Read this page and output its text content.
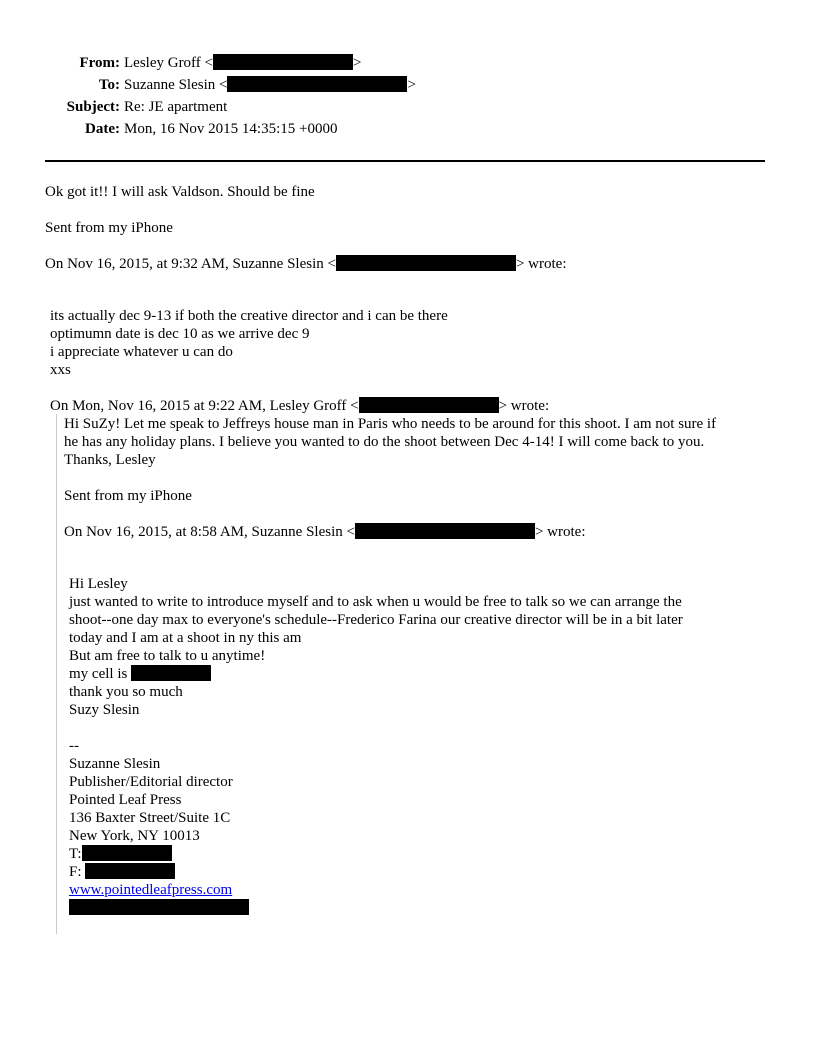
From: Lesley Groff <	>
To: Suzanne Slesin <	>
Subject: Re: JE apartment
Date: Mon, 16 Nov 2015 14:35:15 +0000
Ok got it!! I will ask Valdson. Should be fine
Sent from my iPhone
On Nov 16, 2015, at 9:32 AM, Suzanne Slesin <	> wrote:
its actually dec 9-13 if both the creative director and i can be there
optimumn date is dec 10 as we arrive dec 9
i appreciate whatever u can do
xxs
On Mon, Nov 16, 2015 at 9:22 AM, Lesley Groff <	> wrote:
Hi SuZy! Let me speak to Jeffreys house man in Paris who needs to be around for this shoot. I am not sure if
he has any holiday plans. I believe you wanted to do the shoot between Dec 4-14! I will come back to you.
Thanks, Lesley
Sent from my iPhone
On Nov 16, 2015, at 8:58 AM, Suzanne Slesin <	> wrote:
Hi Lesley
just wanted to write to introduce myself and to ask when u would be free to talk so we can arrange the
shoot--one day max to everyone's schedule--Frederico Farina our creative director will be in a bit later
today and I am at a shoot in ny this am
But am free to talk to u anytime!
my cell is
thank you so much
Suzy Slesin
--
Suzanne Slesin
Publisher/Editorial director
Pointed Leaf Press
136 Baxter Street/Suite 1C
New York, NY 10013
T:
F:
www.pointedleafpress.com
